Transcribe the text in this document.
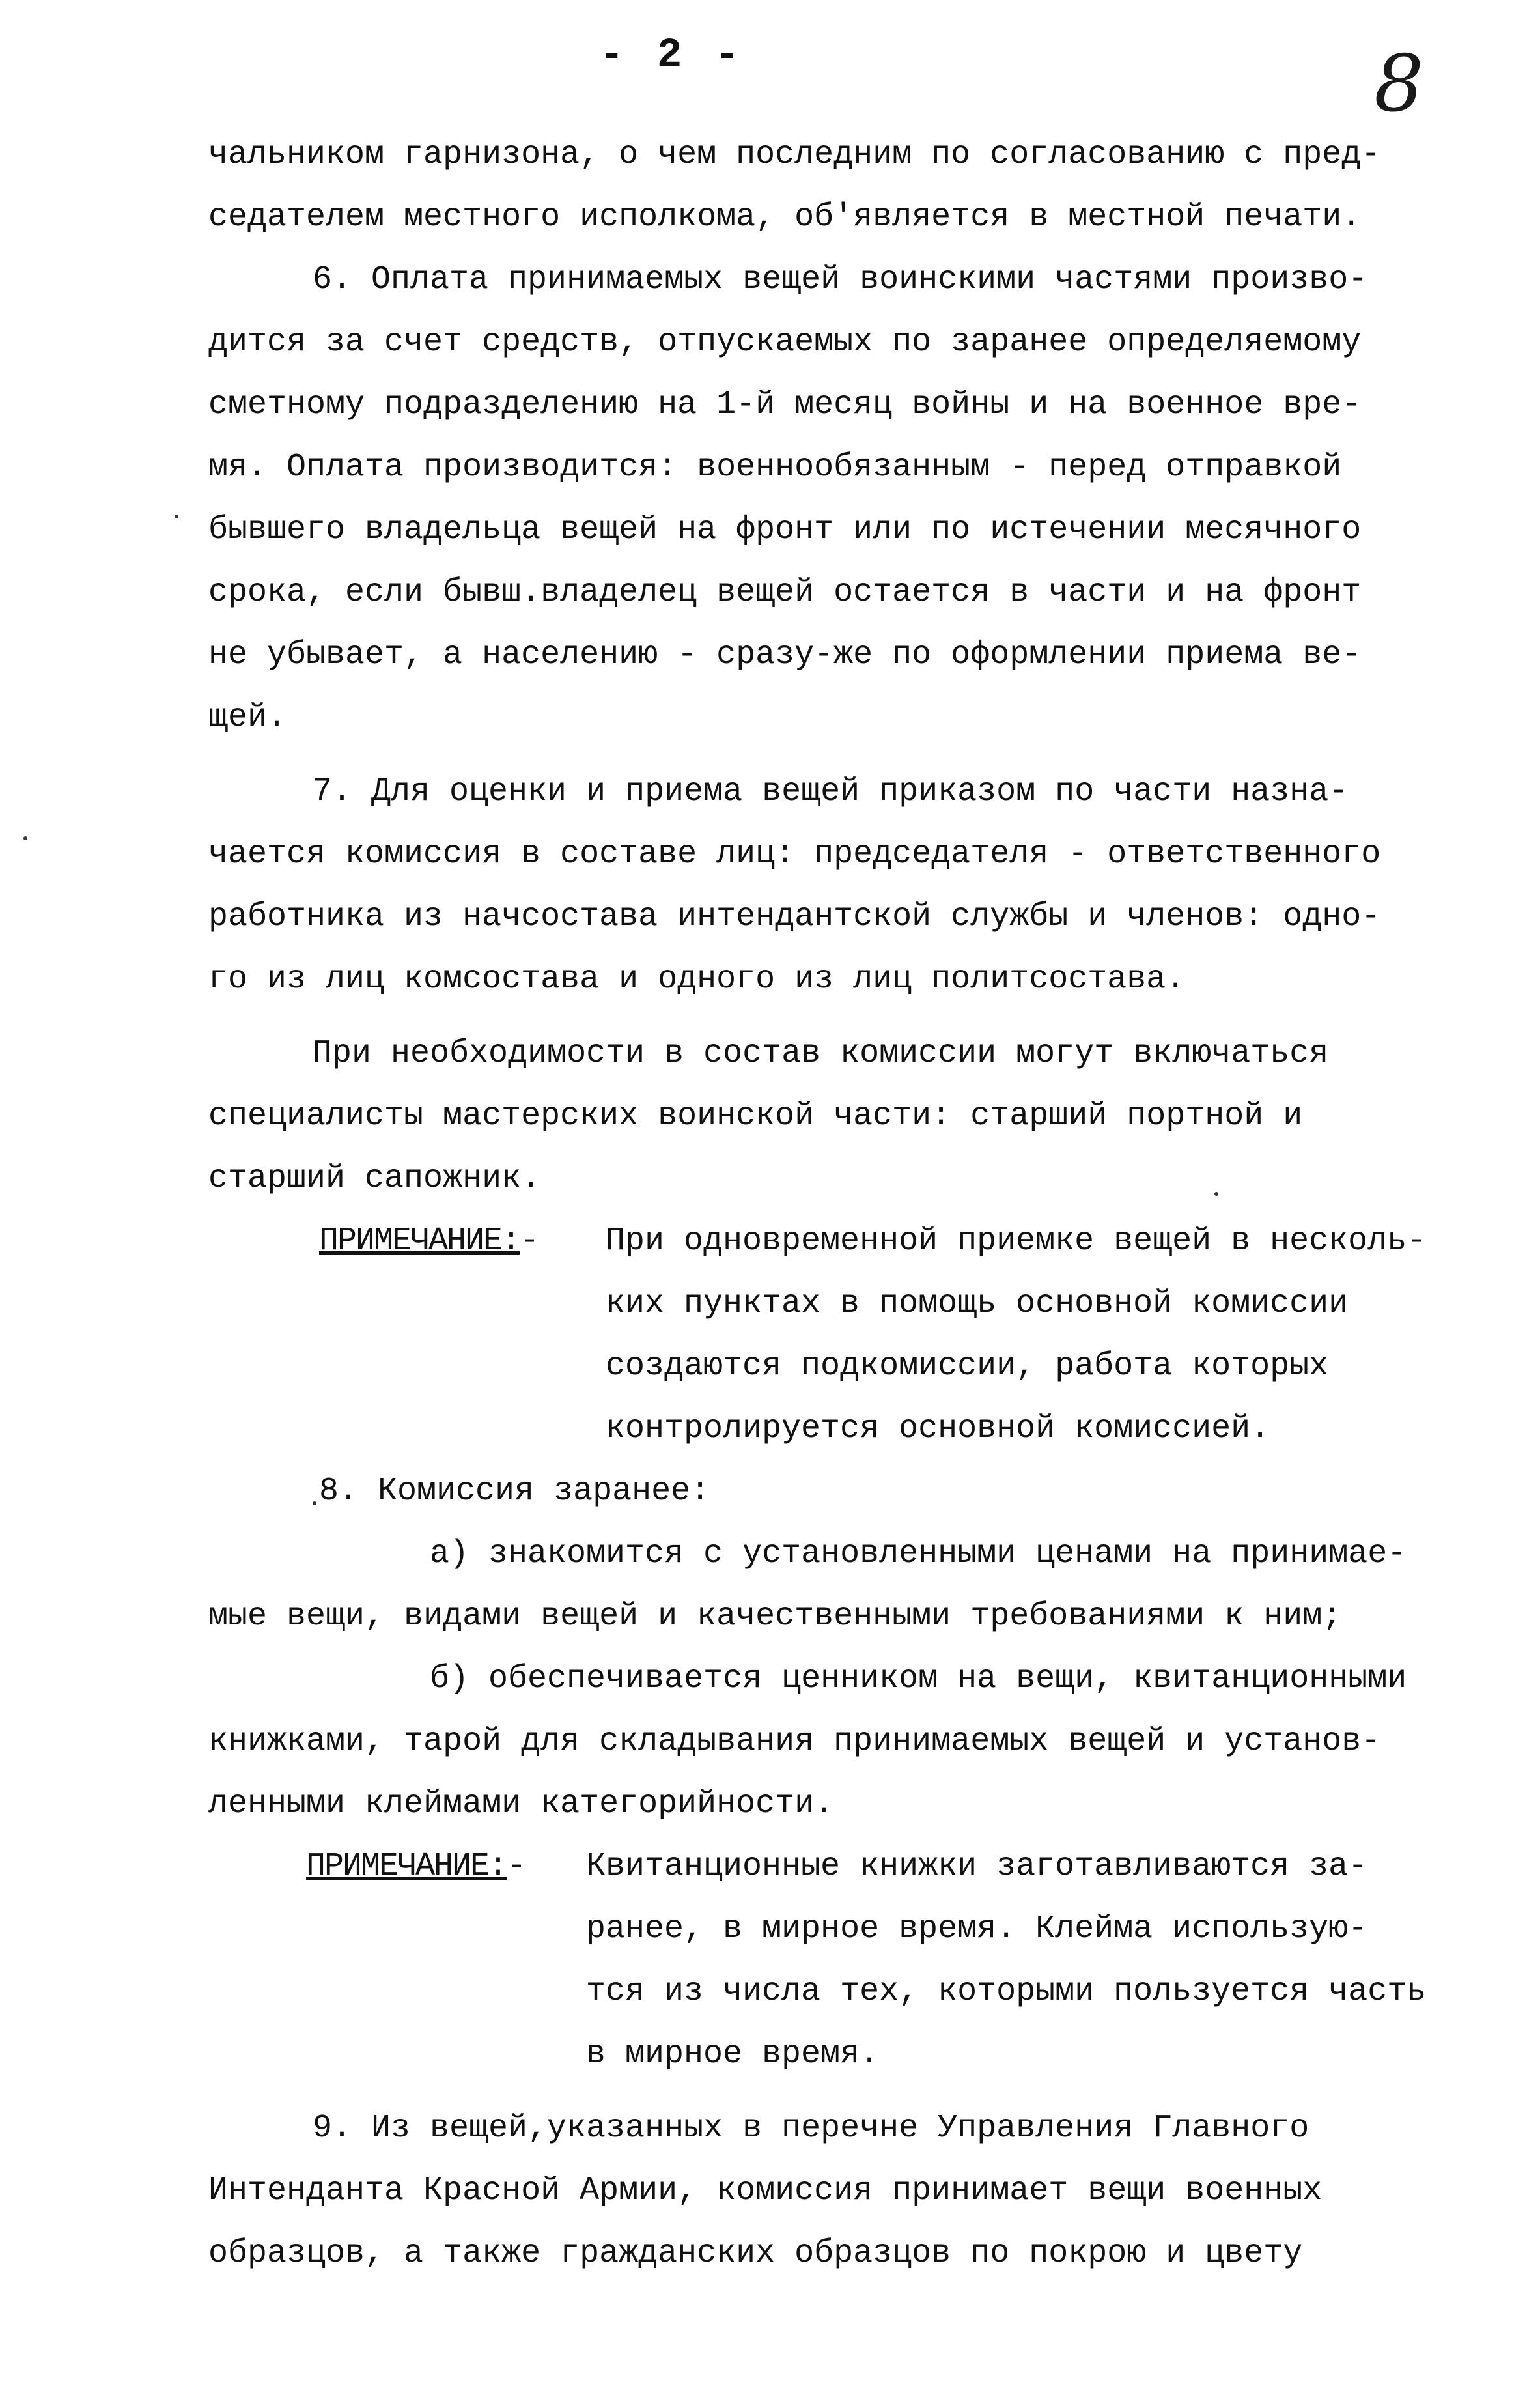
- 2 -	8
чальником гарнизона, о чем последним по согласованию с пред-
седателем местного исполкома, об'является в местной печати.
6. Оплата принимаемых вещей воинскими частями произво-
дится за счет средств, отпускаемых по заранее определяемому
сметному подразделению на 1-й месяц войны и на военное вре-
мя. Оплата производится: военнообязанным - перед отправкой
бывшего владельца вещей на фронт или по истечении месячного
срока, если бывш.владелец вещей остается в части и на фронт
не убывает, а населению - сразу-же по оформлении приема ве-
щей.
7. Для оценки и приема вещей приказом по части назна-
чается комиссия в составе лиц: председателя - ответственного
работника из начсостава интендантской службы и членов: одно-
го из лиц комсостава и одного из лиц политсостава.
При необходимости в состав комиссии могут включаться
специалисты мастерских воинской части: старший портной и
старший сапожник.
ПРИМЕЧАНИЕ:-	При одновременной приемке вещей в несколь-
ких пунктах в помощь основной комиссии
создаются подкомиссии, работа которых
контролируется основной комиссией.
8. Комиссия заранее:
а) знакомится с установленными ценами на принимае-
мые вещи, видами вещей и качественными требованиями к ним;
б) обеспечивается ценником на вещи, квитанционными
книжками, тарой для складывания принимаемых вещей и установ-
ленными клеймами категорийности.
ПРИМЕЧАНИЕ:-	Квитанционные книжки заготавливаются за-
ранее, в мирное время. Клейма использую-
тся из числа тех, которыми пользуется часть
в мирное время.
9. Из вещей,указанных в перечне Управления Главного
Интенданта Красной Армии, комиссия принимает вещи военных
образцов, а также гражданских образцов по покрою и цвету
